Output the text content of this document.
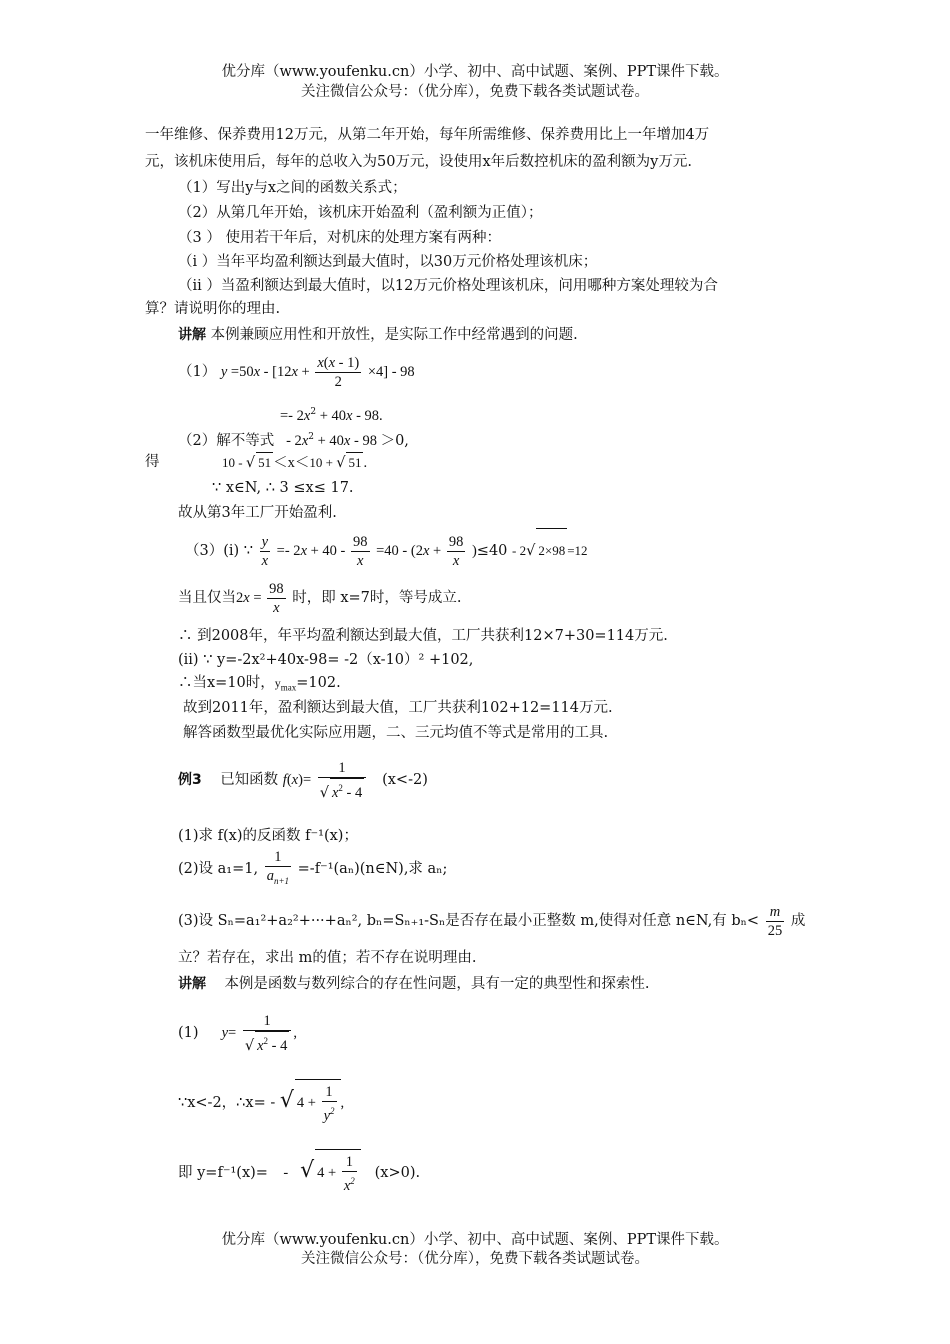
优分库（www.youfenku.cn）小学、初中、高中试题、案例、PPT课件下载。
关注微信公众号：（优分库），免费下载各类试题试卷。
一年维修、保养费用12万元，从第二年开始，每年所需维修、保养费用比上一年增加4万
元，该机床使用后，每年的总收入为50万元，设使用x年后数控机床的盈利额为y万元.
（1）写出y与x之间的函数关系式；
（2）从第几年开始，该机床开始盈利（盈利额为正值）；
（3 ） 使用若干年后，对机床的处理方案有两种：
（i ）当年平均盈利额达到最大值时，以30万元价格处理该机床；
（ii ）当盈利额达到最大值时，以12万元价格处理该机床，问用哪种方案处理较为合
算？请说明你的理由.
讲解 本例兼顾应用性和开放性，是实际工作中经常遇到的问题.
（1） $y =50x - [12x + \frac{x(x - 1)}{2} \times 4] - 98$
=- $2x^2 + 40x - 98$.
（2）解不等式   - $2x^2 + 40x - 98 >0$,
得	10 - √ 51 ＜x＜10 + √ 51 .
∵ x∈N, ∴ 3 ≤x≤ 17.
故从第3年工厂开始盈利.
（3）(i) ∵ $\frac{y}{x} =- 2x + 40 - \frac{98}{x} =40 - (2x + \frac{98}{x} )\le 40 - 2√$ 2×98 =12
当且仅当$2x = \frac{98}{x}$ 时，即 x=7时，等号成立.
∴ 到2008年，年平均盈利额达到最大值，工厂共获利12×7+30=114万元.
(ii) ∵ y=-2x²+40x-98= -2（x-10）² +102,
∴当x=10时，$y_{max}=102$.
故到2011年，盈利额达到最大值，工厂共获利102+12=114万元.
解答函数型最优化实际应用题，二、三元均值不等式是常用的工具.
例3 已知函数 $f(x)= \frac{1}{√ x^2 - 4} (x<-2)$
(1)求 f(x)的反函数 f⁻¹(x)；
(2)设 a₁=1, $\frac{1}{a_{n+1}}$ =-f⁻¹(aₙ)(n∈N),求 aₙ;
(3)设 Sₙ=a₁²+a₂²+···+aₙ², bₙ=Sₙ₊₁-Sₙ是否存在最小正整数 m,使得对任意 n∈N,有 $b_n< \frac{m}{25}$ 成
立？若存在，求出 m的值；若不存在说明理由.
讲解 本例是函数与数列综合的存在性问题，具有一定的典型性和探索性.
(1) $y= \frac{1}{√ x^2 - 4}$ ,
∵x<-2，∴x= - √ $4 + \frac{1}{y^2}$ ,
即 y=f⁻¹(x)=    -   √ $4 + \frac{1}{x^2} (x>0)$.
优分库（www.youfenku.cn）小学、初中、高中试题、案例、PPT课件下载。
关注微信公众号：（优分库），免费下载各类试题试卷。
